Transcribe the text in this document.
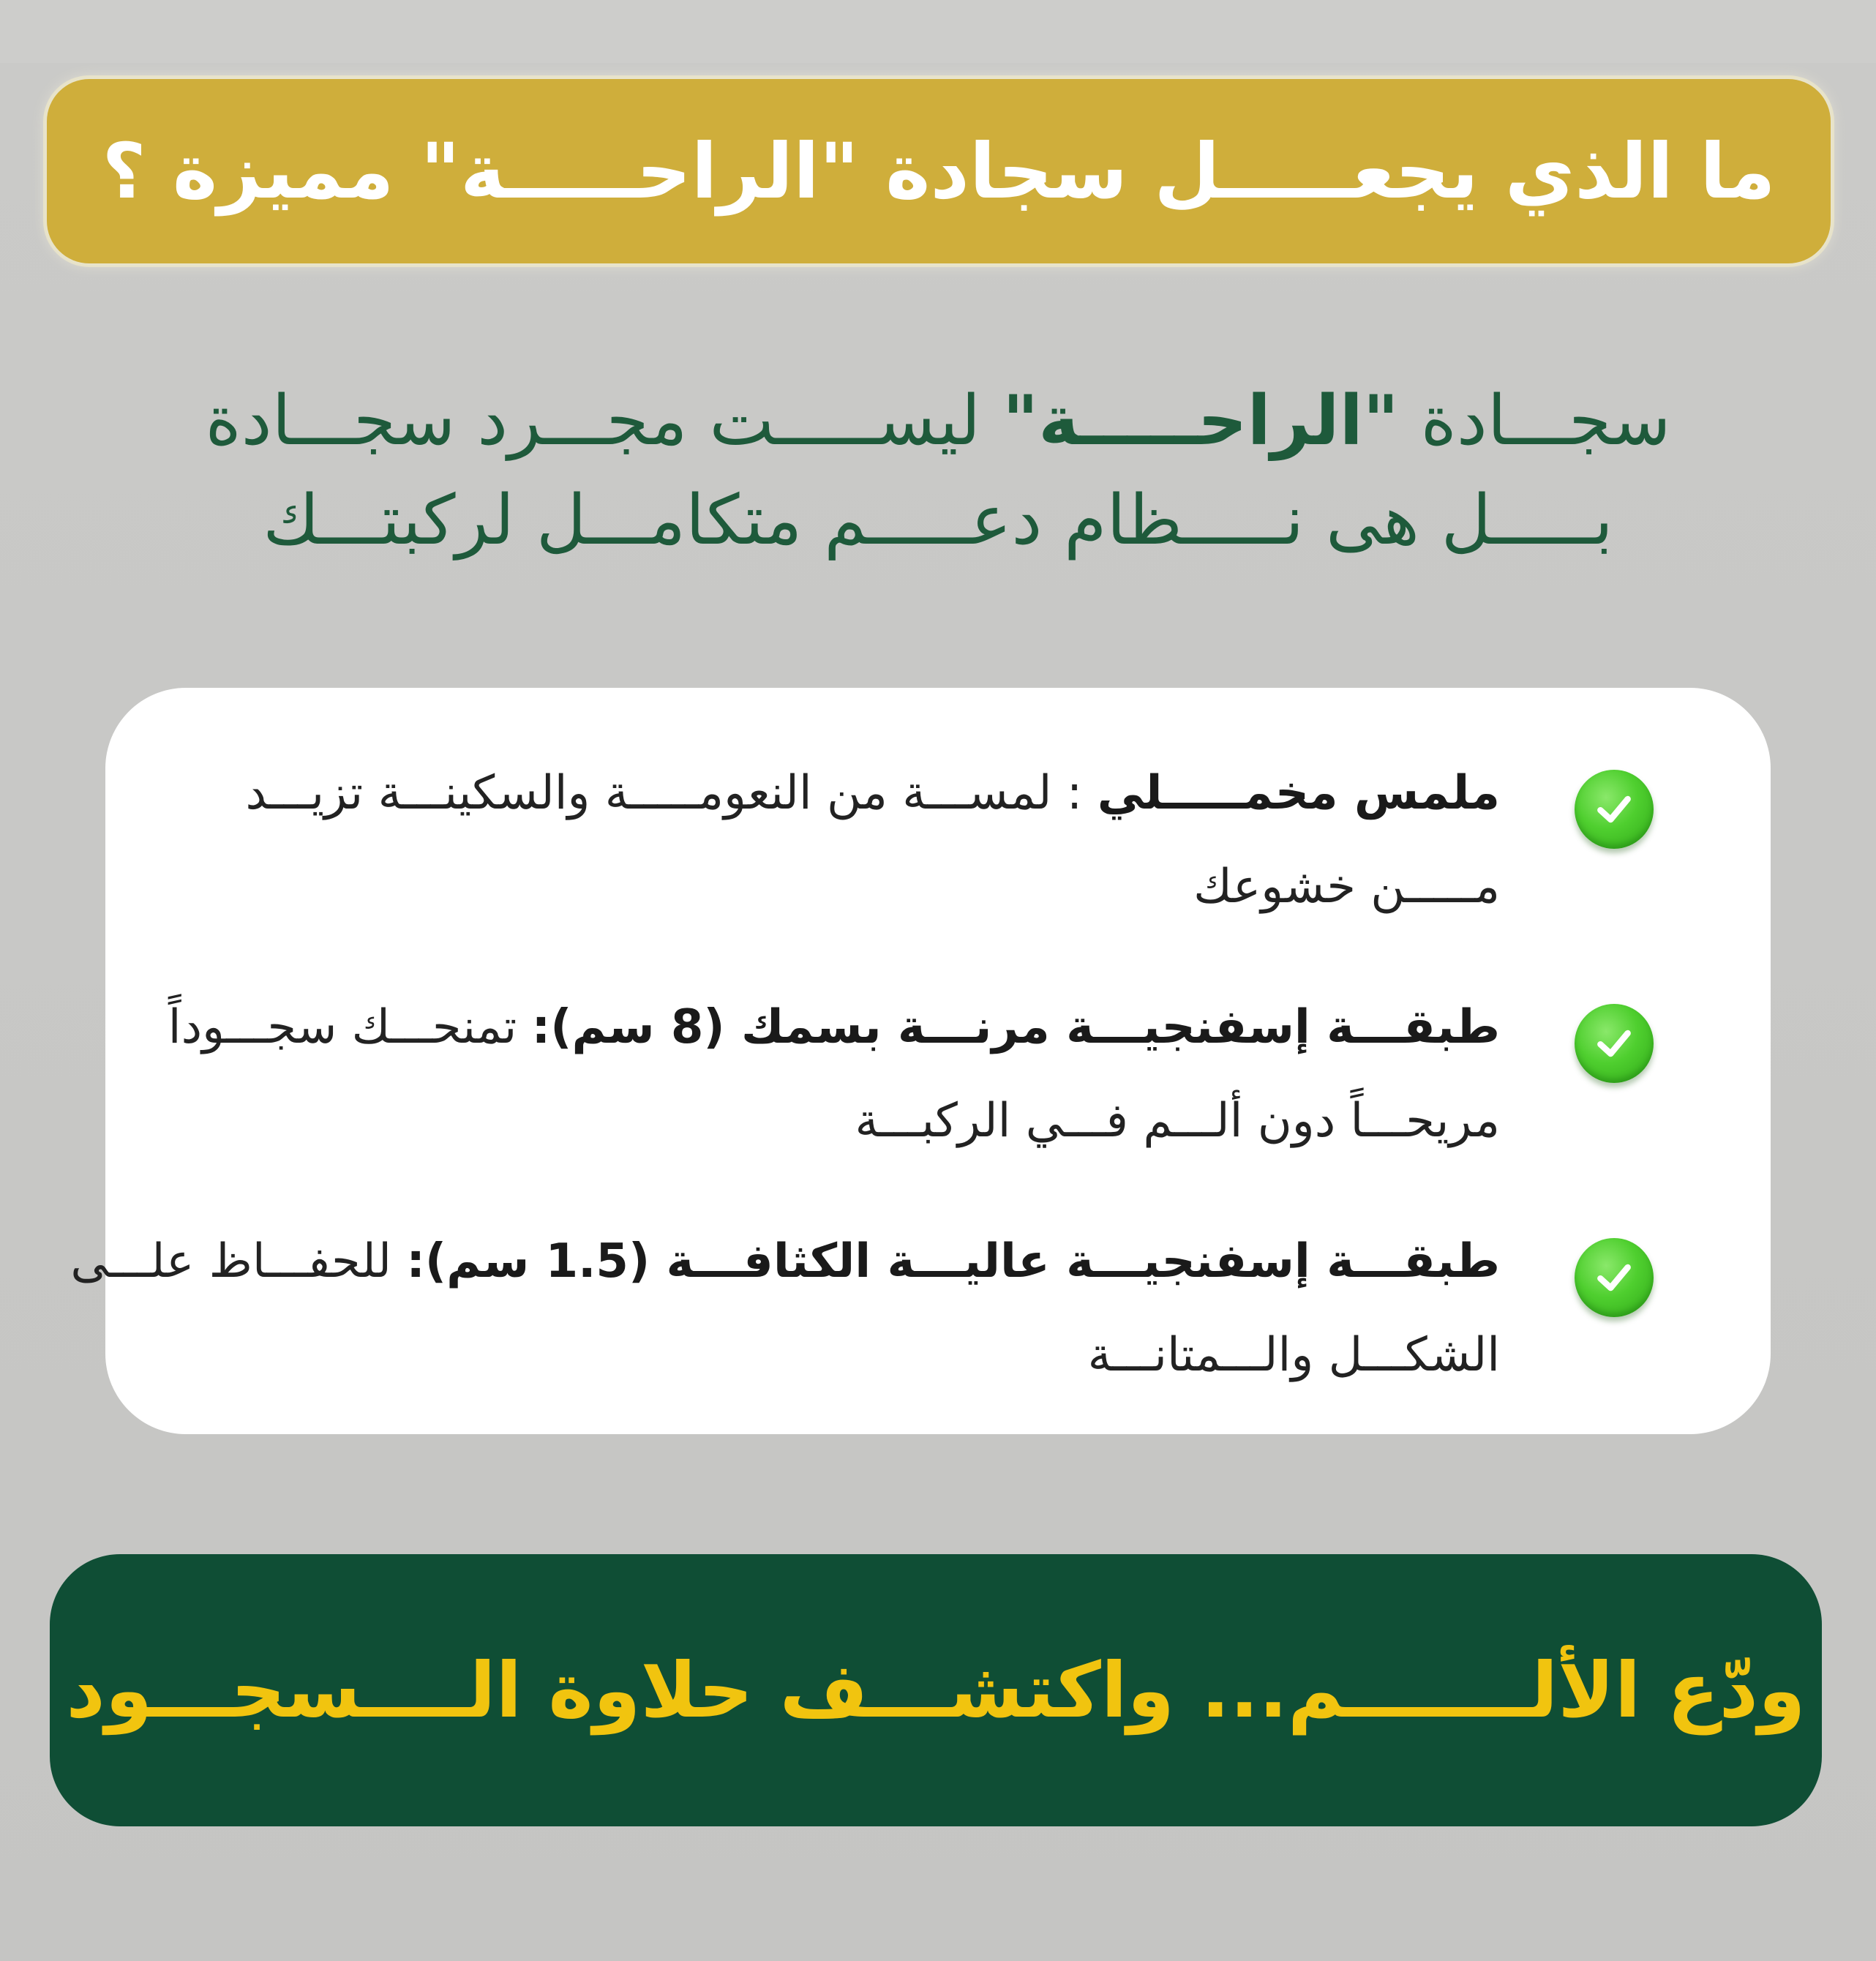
ما الذي يجعـــــل سجادة "الراحـــــة" مميزة ؟
سجـــادة "الراحـــــة" ليســـــت مجـــرد سجـــادة
بـــــل هى نـــــظام دعـــــم متكامـــل لركبتـــك
ملمس مخمـــــلي : لمســـة من النعومـــــة والسكينـــة تزيـــد
مـــــن خشوعك
طبقـــة إسفنجيـــة مرنـــة بسمك (8 سم): تمنحـــك سجـــوداً
مريحـــاً دون ألـــم فـــي الركبـــة
طبقـــة إسفنجيـــة عاليـــة الكثافـــة (1.5 سم): للحفـــاظ علـــى
الشكـــل والـــمتانـــة
ودّع الألـــــــم... واكتشـــف حلاوة الــــسجـــود
